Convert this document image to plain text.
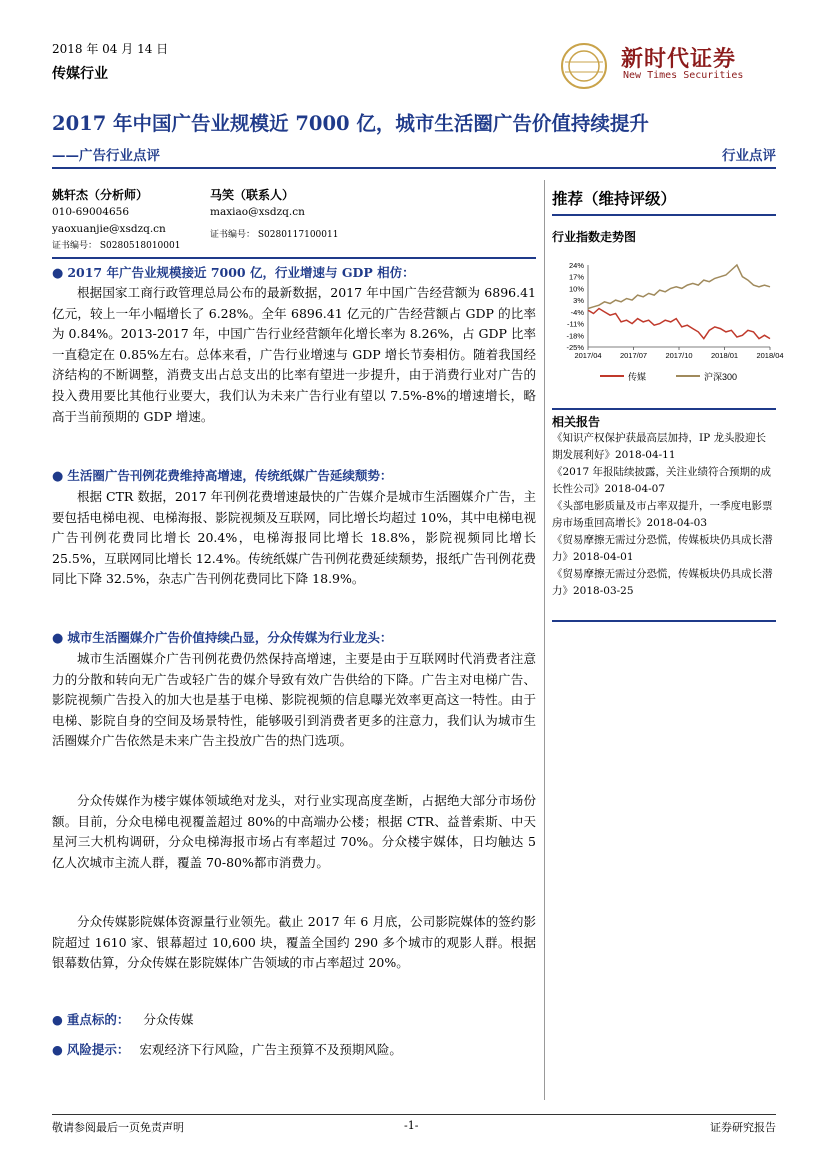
2018 年 04 月 14 日
传媒行业
新时代证券
New Times Securities
2017 年中国广告业规模近 7000 亿，城市生活圈广告价值持续提升
——广告行业点评	行业点评
姚轩杰（分析师）
010-69004656
yaoxuanjie@xsdzq.cn
证书编号： S0280518010001
马笑（联系人）
maxiao@xsdzq.cn
证书编号： S0280117100011
推荐（维持评级）
行业指数走势图
24%
17%
10%
3%
-4%
-11%
-18%
-25%
2017/04 2017/07 2017/10 2018/01 2018/04
传媒	沪深300
相关报告

《知识产权保护获最高层加持，IP 龙头股迎长期发展利好》2018-04-11

《2017 年报陆续披露，关注业绩符合预期的成长性公司》2018-04-07

《头部电影质量及市占率双提升，一季度电影票房市场重回高增长》2018-04-03

《贸易摩擦无需过分恐慌，传媒板块仍具成长潜力》2018-04-01

《贸易摩擦无需过分恐慌，传媒板块仍具成长潜力》2018-03-25

● 2017 年广告业规模接近 7000 亿，行业增速与 GDP 相仿：

根据国家工商行政管理总局公布的最新数据，2017 年中国广告经营额为 6896.41 亿元，较上一年小幅增长了 6.28%。全年 6896.41 亿元的广告经营额占 GDP 的比率为 0.84%。2013-2017 年，中国广告行业经营额年化增长率为 8.26%，占 GDP 比率一直稳定在 0.85%左右。总体来看，广告行业增速与 GDP 增长节奏相仿。随着我国经济结构的不断调整，消费支出占总支出的比率有望进一步提升，由于消费行业对广告的投入费用要比其他行业要大，我们认为未来广告行业有望以 7.5%-8%的增速增长，略高于当前预期的 GDP 增速。

● 生活圈广告刊例花费维持高增速，传统纸媒广告延续颓势：

根据 CTR 数据，2017 年刊例花费增速最快的广告媒介是城市生活圈媒介广告，主要包括电梯电视、电梯海报、影院视频及互联网，同比增长均超过 10%，其中电梯电视广告刊例花费同比增长 20.4%，电梯海报同比增长 18.8%，影院视频同比增长 25.5%，互联网同比增长 12.4%。传统纸媒广告刊例花费延续颓势，报纸广告刊例花费同比下降 32.5%，杂志广告刊例花费同比下降 18.9%。

● 城市生活圈媒介广告价值持续凸显，分众传媒为行业龙头：

城市生活圈媒介广告刊例花费仍然保持高增速，主要是由于互联网时代消费者注意力的分散和转向无广告或轻广告的媒介导致有效广告供给的下降。广告主对电梯广告、影院视频广告投入的加大也是基于电梯、影院视频的信息曝光效率更高这一特性。由于电梯、影院自身的空间及场景特性，能够吸引到消费者更多的注意力，我们认为城市生活圈媒介广告依然是未来广告主投放广告的热门选项。

分众传媒作为楼宇媒体领域绝对龙头，对行业实现高度垄断，占据绝大部分市场份额。目前，分众电梯电视覆盖超过 80%的中高端办公楼；根据 CTR、益普索斯、中天星河三大机构调研，分众电梯海报市场占有率超过 70%。分众楼宇媒体，日均触达 5 亿人次城市主流人群，覆盖 70-80%都市消费力。

分众传媒影院媒体资源量行业领先。截止 2017 年 6 月底，公司影院媒体的签约影院超过 1610 家、银幕超过 10,600 块，覆盖全国约 290 多个城市的观影人群。根据银幕数估算，分众传媒在影院媒体广告领域的市占率超过 20%。

● 重点标的： 分众传媒
● 风险提示： 宏观经济下行风险，广告主预算不及预期风险。
敬请参阅最后一页免责声明	-1-	证券研究报告
